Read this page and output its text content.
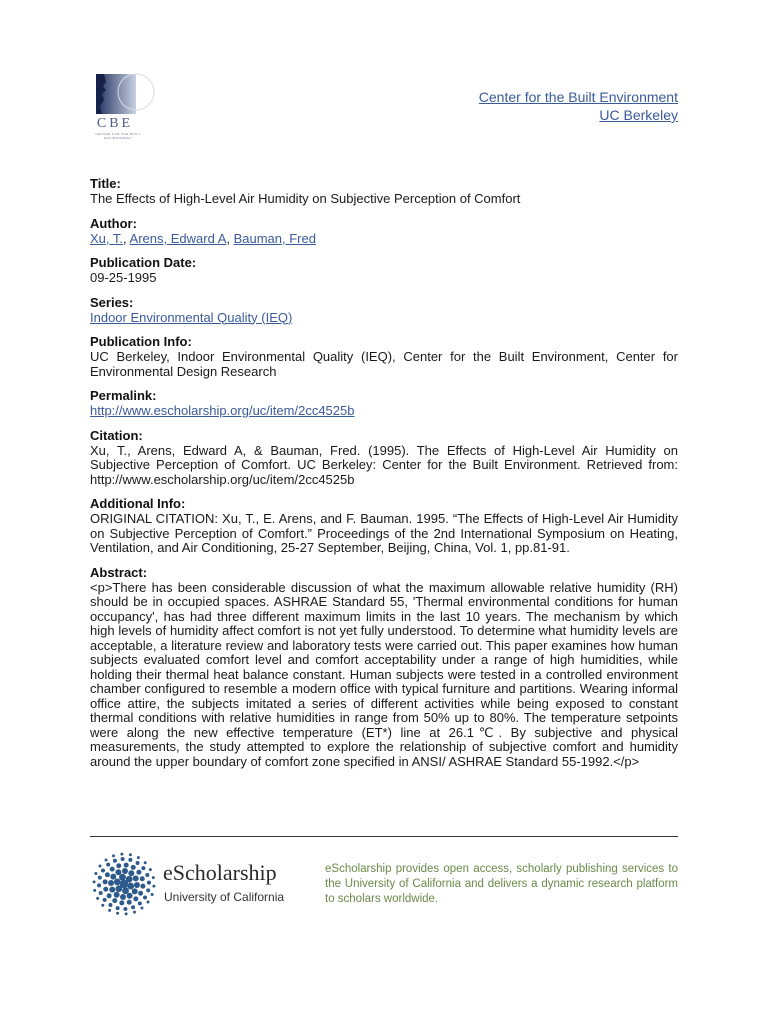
CBE
CENTER FOR THE BUILT ENVIRONMENT
Center for the Built Environment
UC Berkeley
Title:
The Effects of High-Level Air Humidity on Subjective Perception of Comfort
Author:
Xu, T., Arens, Edward A, Bauman, Fred
Publication Date:
09-25-1995
Series:
Indoor Environmental Quality (IEQ)
Publication Info:
UC Berkeley, Indoor Environmental Quality (IEQ), Center for the Built Environment, Center for Environmental Design Research
Permalink:
http://www.escholarship.org/uc/item/2cc4525b
Citation:
Xu, T., Arens, Edward A, & Bauman, Fred. (1995). The Effects of High-Level Air Humidity on Subjective Perception of Comfort. UC Berkeley: Center for the Built Environment. Retrieved from: http://www.escholarship.org/uc/item/2cc4525b
Additional Info:
ORIGINAL CITATION: Xu, T., E. Arens, and F. Bauman. 1995. “The Effects of High-Level Air Humidity on Subjective Perception of Comfort.” Proceedings of the 2nd International Symposium on Heating, Ventilation, and Air Conditioning, 25-27 September, Beijing, China, Vol. 1, pp.81-91.
Abstract:
<p>There has been considerable discussion of what the maximum allowable relative humidity (RH) should be in occupied spaces. ASHRAE Standard 55, 'Thermal environmental conditions for human occupancy', has had three different maximum limits in the last 10 years. The mechanism by which high levels of humidity affect comfort is not yet fully understood. To determine what humidity levels are acceptable, a literature review and laboratory tests were carried out. This paper examines how human subjects evaluated comfort level and comfort acceptability under a range of high humidities, while holding their thermal heat balance constant. Human subjects were tested in a controlled environment chamber configured to resemble a modern office with typical furniture and partitions. Wearing informal office attire, the subjects imitated a series of different activities while being exposed to constant thermal conditions with relative humidities in range from 50% up to 80%. The temperature setpoints were along the new effective temperature (ET*) line at 26.1℃. By subjective and physical measurements, the study attempted to explore the relationship of subjective comfort and humidity around the upper boundary of comfort zone specified in ANSI/ ASHRAE Standard 55-1992.</p>
eScholarship
University of California
eScholarship provides open access, scholarly publishing services to the University of California and delivers a dynamic research platform to scholars worldwide.
